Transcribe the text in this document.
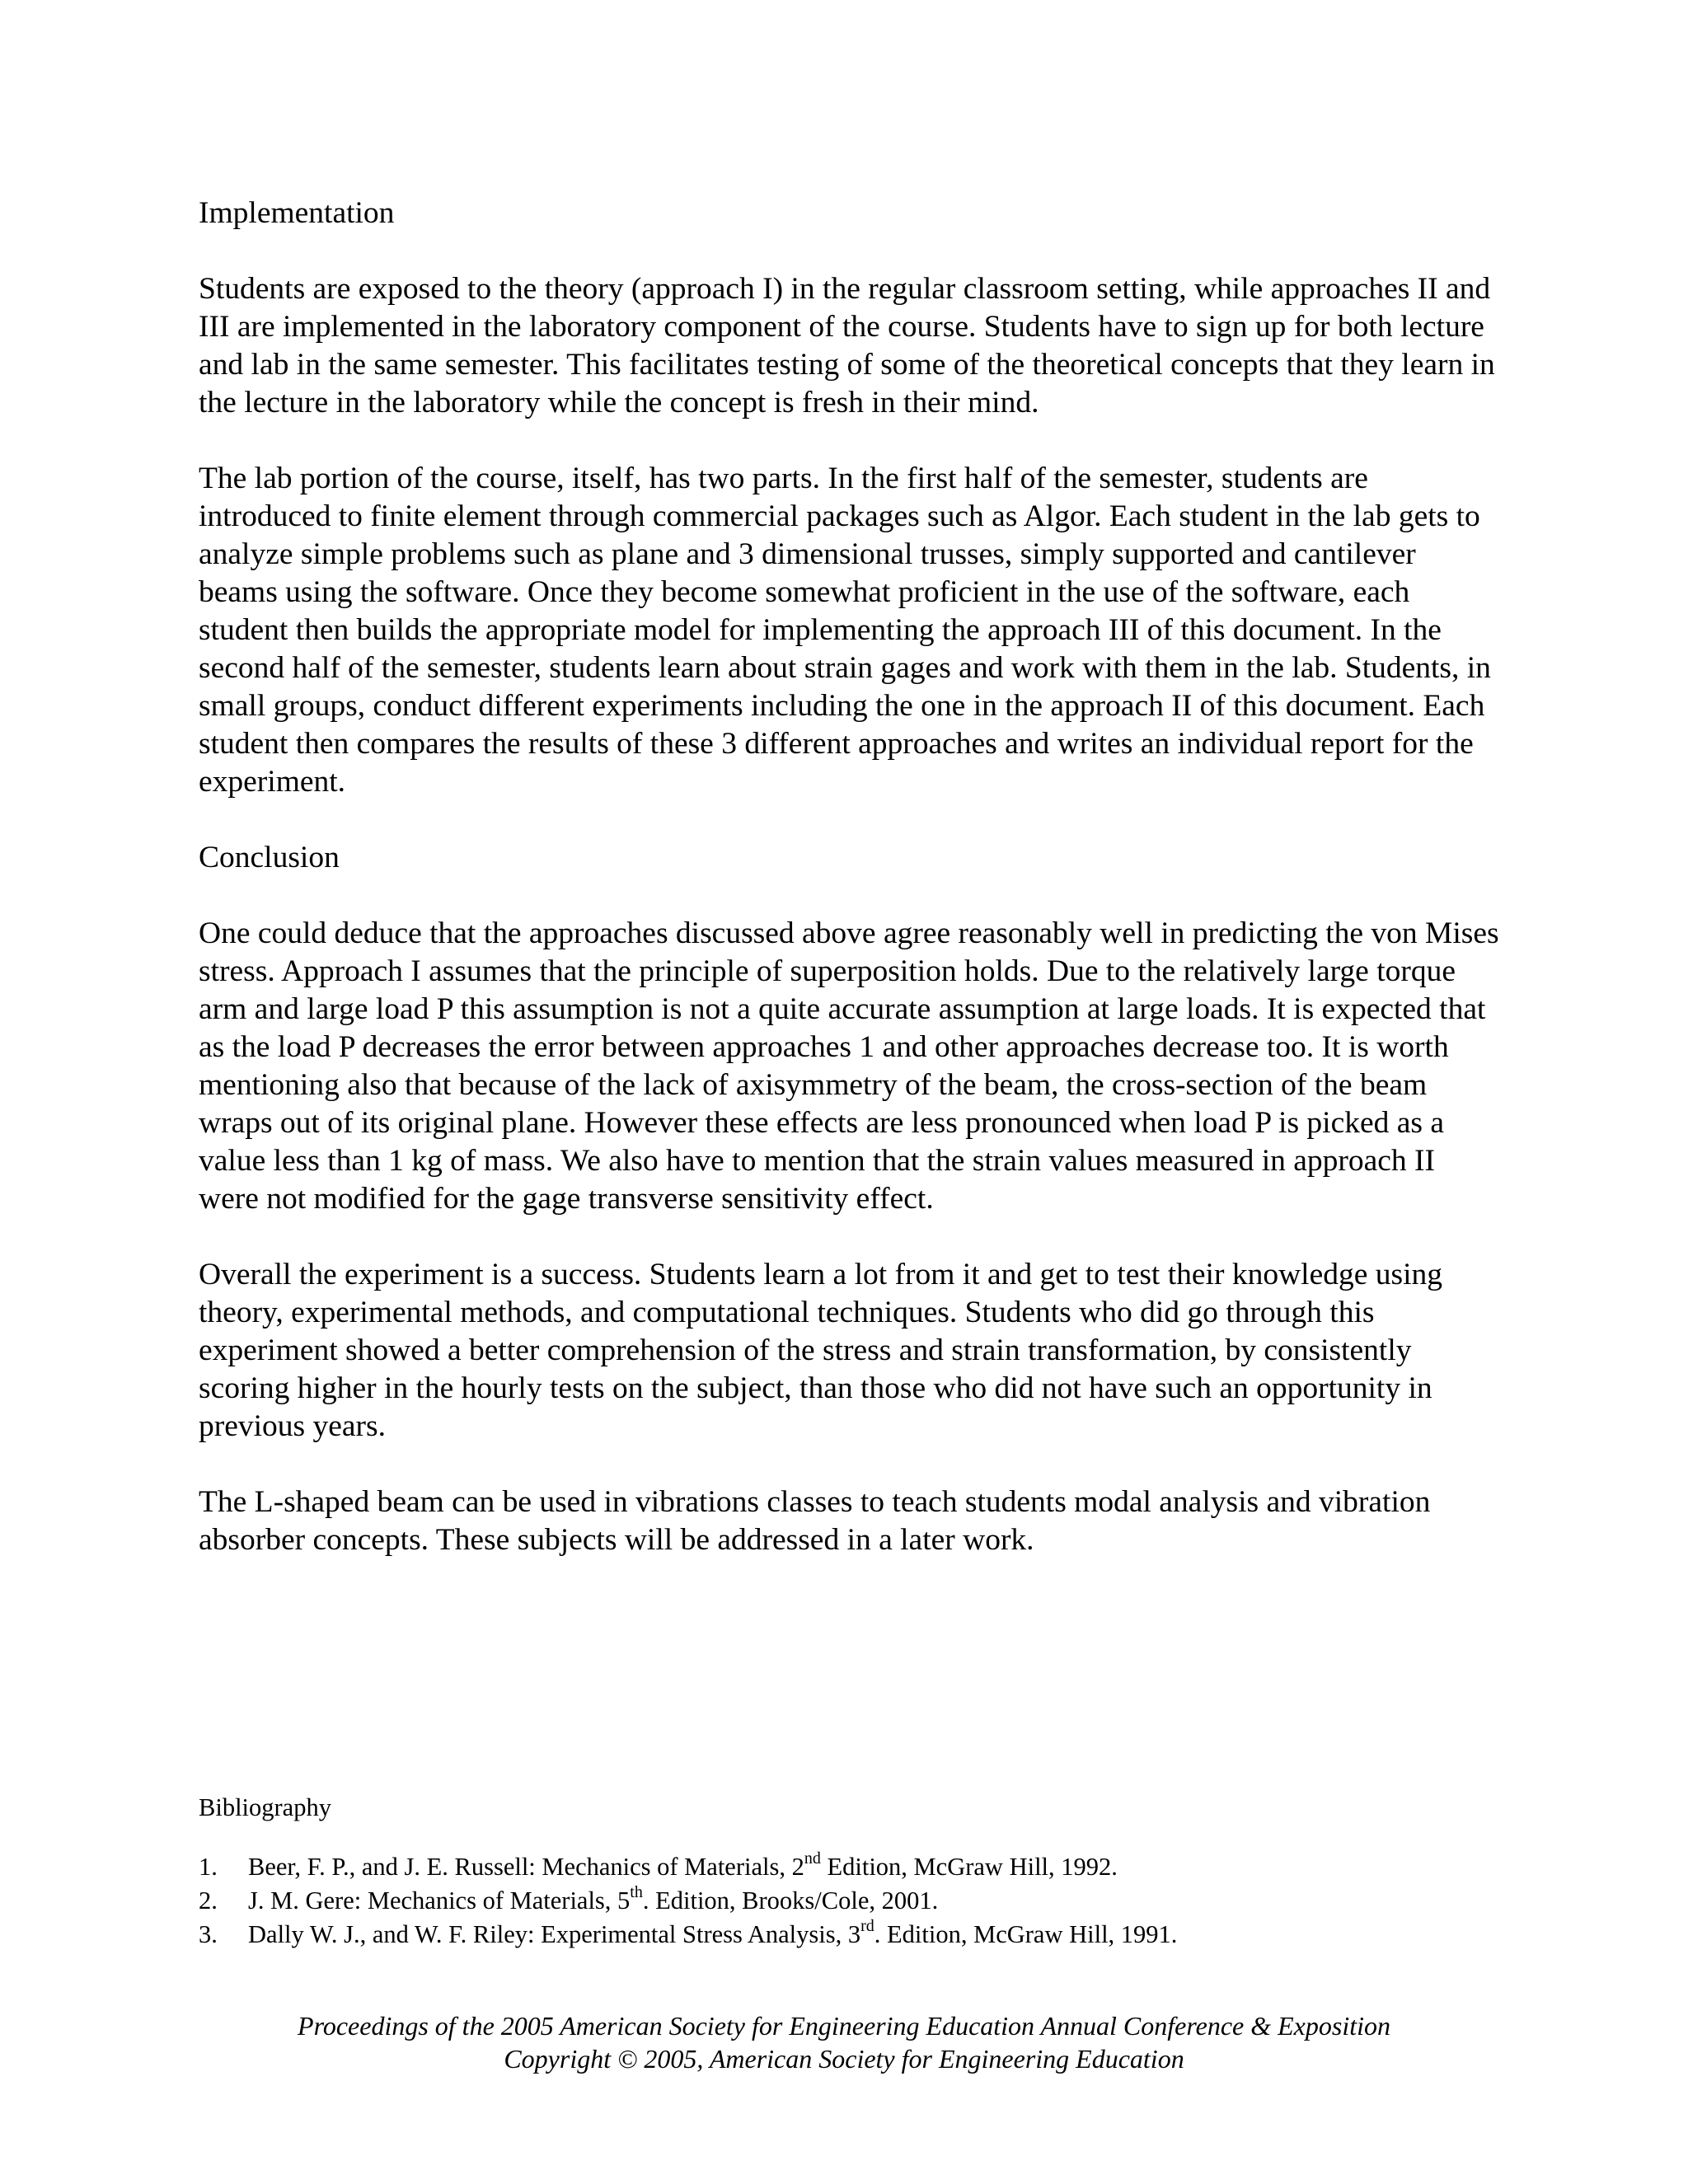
Implementation

Students are exposed to the theory (approach I) in the regular classroom setting, while approaches II and III are implemented in the laboratory component of the course. Students have to sign up for both lecture and lab in the same semester. This facilitates testing of some of the theoretical concepts that they learn in the lecture in the laboratory while the concept is fresh in their mind.

The lab portion of the course, itself, has two parts. In the first half of the semester, students are introduced to finite element through commercial packages such as Algor. Each student in the lab gets to analyze simple problems such as plane and 3 dimensional trusses, simply supported and cantilever beams using the software. Once they become somewhat proficient in the use of the software, each student then builds the appropriate model for implementing the approach III of this document. In the second half of the semester, students learn about strain gages and work with them in the lab. Students, in small groups, conduct different experiments including the one in the approach II of this document. Each student then compares the results of these 3 different approaches and writes an individual report for the experiment.

Conclusion

One could deduce that the approaches discussed above agree reasonably well in predicting the von Mises stress. Approach I assumes that the principle of superposition holds. Due to the relatively large torque arm and large load P this assumption is not a quite accurate assumption at large loads. It is expected that as the load P decreases the error between approaches 1 and other approaches decrease too. It is worth mentioning also that because of the lack of axisymmetry of the beam, the cross-section of the beam wraps out of its original plane. However these effects are less pronounced when load P is picked as a value less than 1 kg of mass. We also have to mention that the strain values measured in approach II were not modified for the gage transverse sensitivity effect.

Overall the experiment is a success. Students learn a lot from it and get to test their knowledge using theory, experimental methods, and computational techniques. Students who did go through this experiment showed a better comprehension of the stress and strain transformation, by consistently scoring higher in the hourly tests on the subject, than those who did not have such an opportunity in previous years.

The L-shaped beam can be used in vibrations classes to teach students modal analysis and vibration absorber concepts. These subjects will be addressed in a later work.

Bibliography
1. Beer, F. P., and J. E. Russell: Mechanics of Materials, 2nd Edition, McGraw Hill, 1992.
2. J. M. Gere: Mechanics of Materials, 5th. Edition, Brooks/Cole, 2001.
3. Dally W. J., and W. F. Riley: Experimental Stress Analysis, 3rd. Edition, McGraw Hill, 1991.
Proceedings of the 2005 American Society for Engineering Education Annual Conference & Exposition
Copyright © 2005, American Society for Engineering Education
